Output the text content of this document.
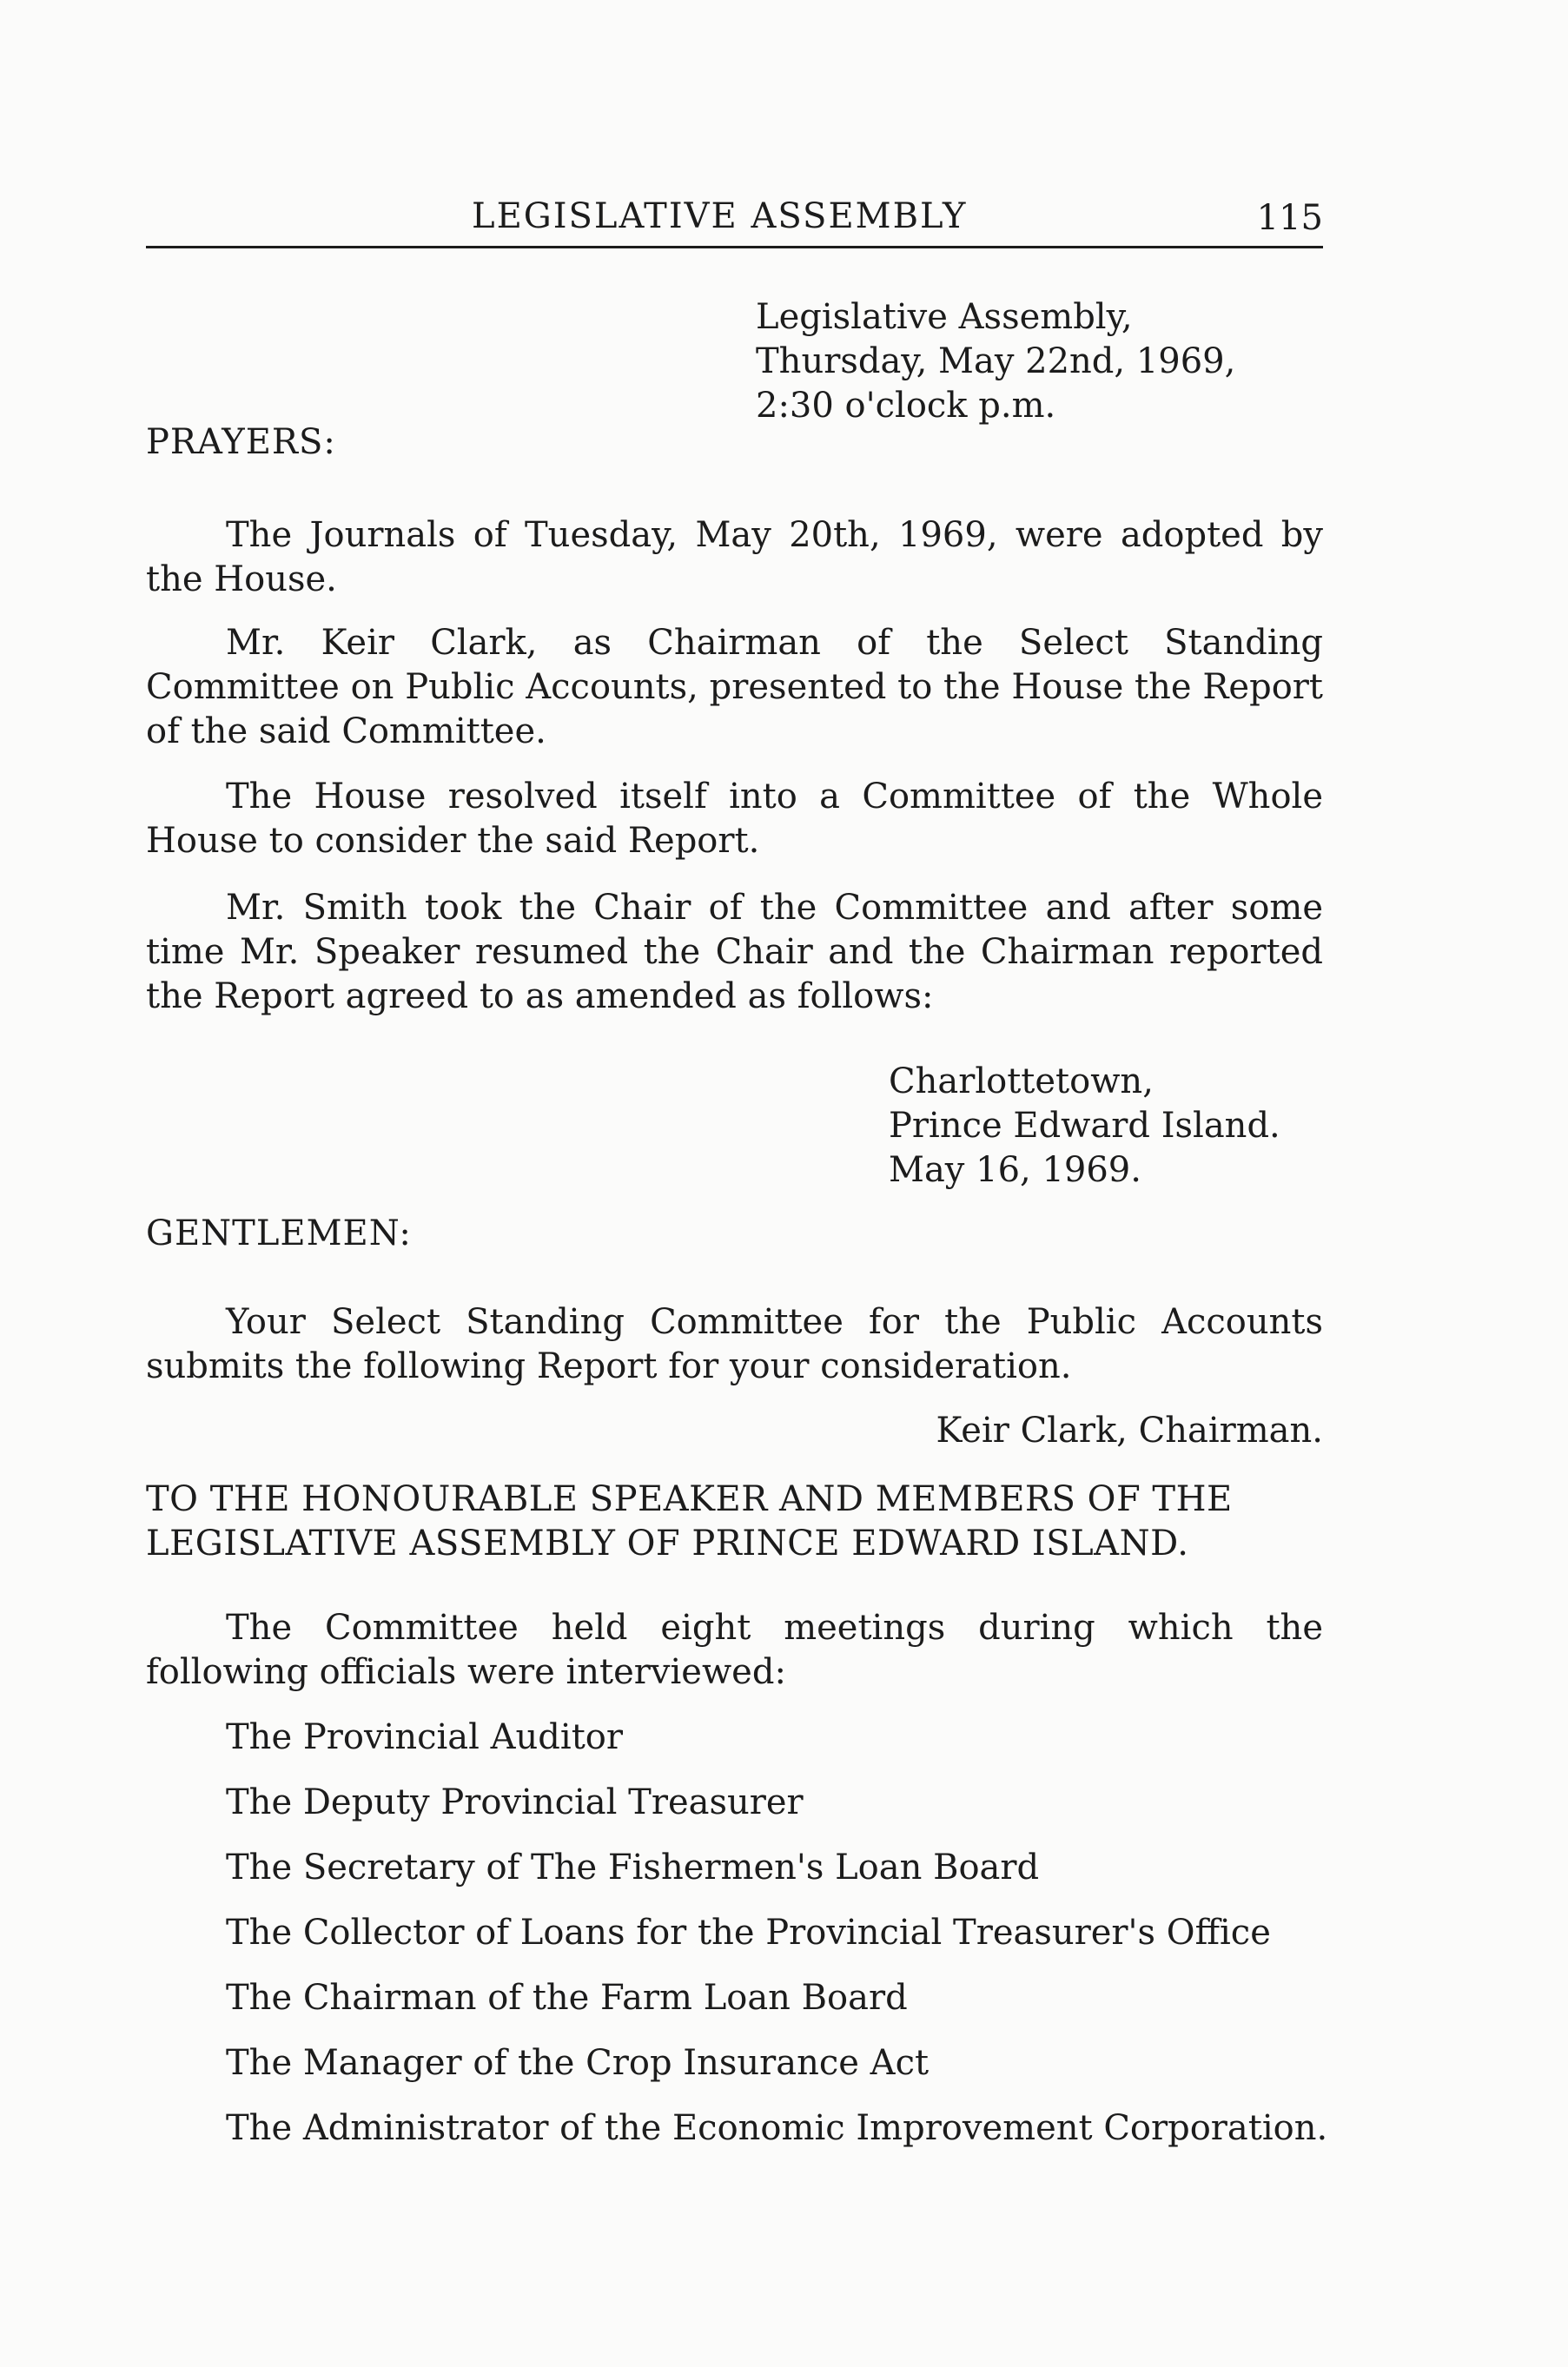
LEGISLATIVE ASSEMBLY	115
Legislative Assembly,
Thursday, May 22nd, 1969,
2:30 o'clock p.m.

PRAYERS:

The Journals of Tuesday, May 20th, 1969, were adopted by the House.

Mr. Keir Clark, as Chairman of the Select Standing Committee on Public Accounts, presented to the House the Report of the said Committee.

The House resolved itself into a Committee of the Whole House to consider the said Report.

Mr. Smith took the Chair of the Committee and after some time Mr. Speaker resumed the Chair and the Chairman reported the Report agreed to as amended as follows:

Charlottetown,
Prince Edward Island.
May 16, 1969.

GENTLEMEN:

Your Select Standing Committee for the Public Accounts submits the following Report for your consideration.

Keir Clark, Chairman.

TO THE HONOURABLE SPEAKER AND MEMBERS OF THE
LEGISLATIVE ASSEMBLY OF PRINCE EDWARD ISLAND.

The Committee held eight meetings during which the following officials were interviewed:

The Provincial Auditor

The Deputy Provincial Treasurer

The Secretary of The Fishermen's Loan Board

The Collector of Loans for the Provincial Treasurer's Office

The Chairman of the Farm Loan Board

The Manager of the Crop Insurance Act

The Administrator of the Economic Improvement Corporation.
